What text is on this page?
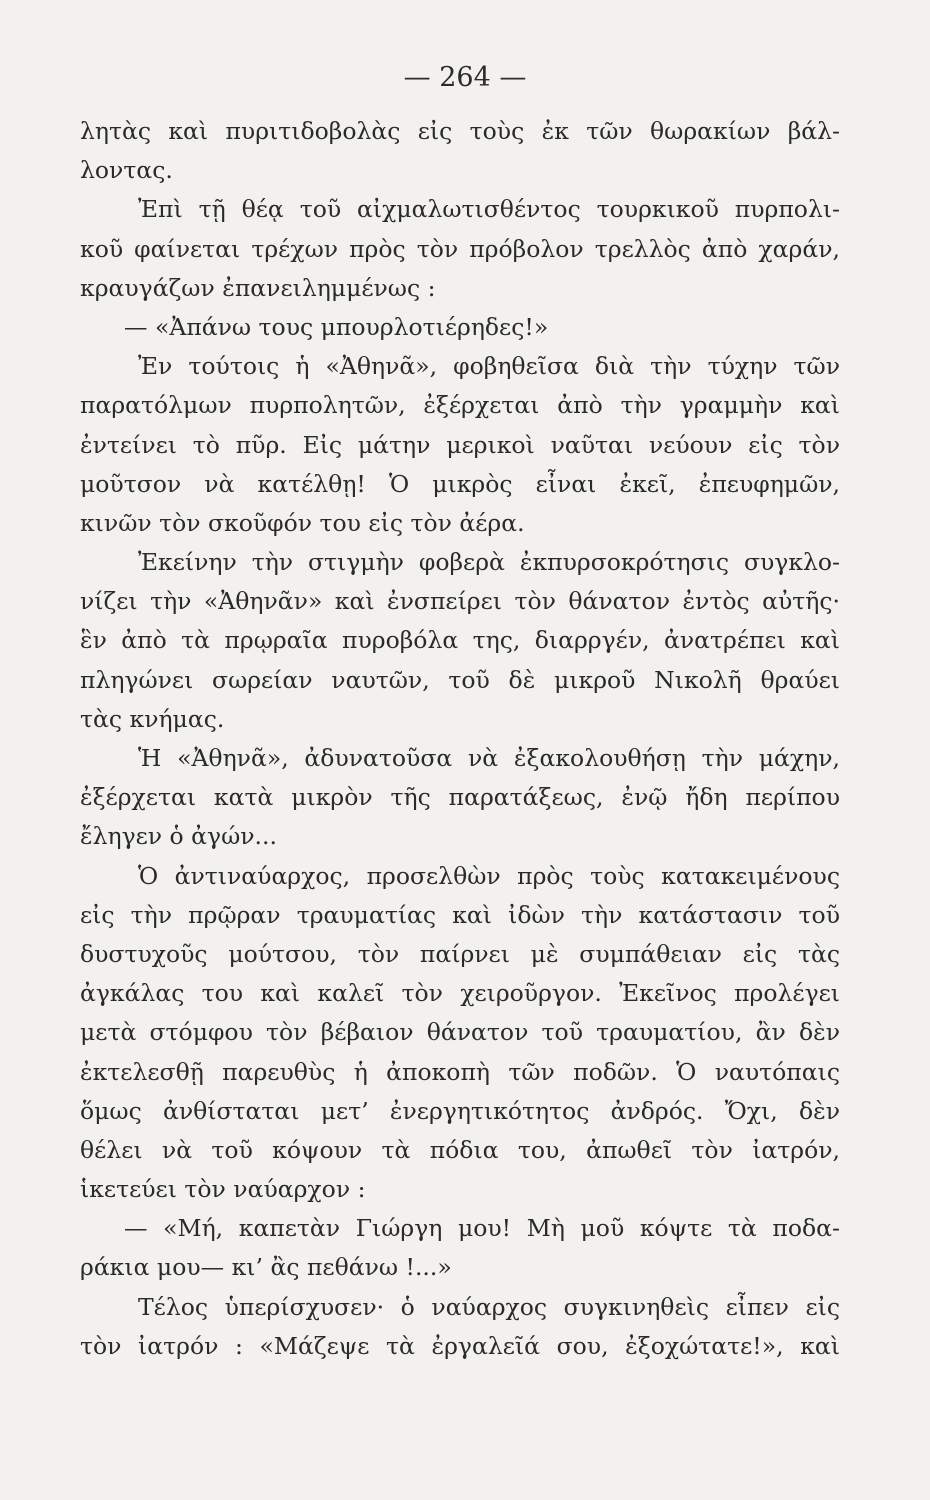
— 264 —
λητὰς καὶ πυριτιδοβολὰς εἰς τοὺς ἐκ τῶν θωρακίων βάλ-
λοντας.
Ἐπὶ τῇ θέᾳ τοῦ αἰχμαλωτισθέντος τουρκικοῦ πυρπολι-
κοῦ φαίνεται τρέχων πρὸς τὸν πρόβολον τρελλὸς ἀπὸ χαράν,
κραυγάζων ἐπανειλημμένως :
— «Ἀπάνω τους μπουρλοτιέρηδες!»
Ἐν τούτοις ἡ «Ἀθηνᾶ», φοβηθεῖσα διὰ τὴν τύχην τῶν
παρατόλμων πυρπολητῶν, ἐξέρχεται ἀπὸ τὴν γραμμὴν καὶ
ἐντείνει τὸ πῦρ. Εἰς μάτην μερικοὶ ναῦται νεύουν εἰς τὸν
μοῦτσον νὰ κατέλθῃ! Ὁ μικρὸς εἶναι ἐκεῖ, ἐπευφημῶν,
κινῶν τὸν σκοῦφόν του εἰς τὸν ἀέρα.
Ἐκείνην τὴν στιγμὴν φοβερὰ ἐκπυρσοκρότησις συγκλο-
νίζει τὴν «Ἀθηνᾶν» καὶ ἐνσπείρει τὸν θάνατον ἐντὸς αὐτῆς·
ἓν ἀπὸ τὰ πρῳραῖα πυροβόλα της, διαρργέν, ἀνατρέπει καὶ
πληγώνει σωρείαν ναυτῶν, τοῦ δὲ μικροῦ Νικολῆ θραύει
τὰς κνήμας.
Ἡ «Ἀθηνᾶ», ἀδυνατοῦσα νὰ ἐξακολουθήσῃ τὴν μάχην,
ἐξέρχεται κατὰ μικρὸν τῆς παρατάξεως, ἐνῷ ἤδη περίπου
ἔληγεν ὁ ἀγών...
Ὁ ἀντιναύαρχος, προσελθὼν πρὸς τοὺς κατακειμένους
εἰς τὴν πρῷραν τραυματίας καὶ ἰδὼν τὴν κατάστασιν τοῦ
δυστυχοῦς μούτσου, τὸν παίρνει μὲ συμπάθειαν εἰς τὰς
ἀγκάλας του καὶ καλεῖ τὸν χειροῦργον. Ἐκεῖνος προλέγει
μετὰ στόμφου τὸν βέβαιον θάνατον τοῦ τραυματίου, ἂν δὲν
ἐκτελεσθῇ παρευθὺς ἡ ἀποκοπὴ τῶν ποδῶν. Ὁ ναυτόπαις
ὅμως ἀνθίσταται μετ’ ἐνεργητικότητος ἀνδρός. Ὄχι, δὲν
θέλει νὰ τοῦ κόψουν τὰ πόδια του, ἀπωθεῖ τὸν ἰατρόν,
ἱκετεύει τὸν ναύαρχον :
— «Μή, καπετὰν Γιώργη μου! Μὴ μοῦ κόψτε τὰ ποδα-
ράκια μου— κι’ ἂς πεθάνω !...»
Τέλος ὑπερίσχυσεν· ὁ ναύαρχος συγκινηθεὶς εἶπεν εἰς
τὸν ἰατρόν : «Μάζεψε τὰ ἐργαλεῖά σου, ἐξοχώτατε!», καὶ
